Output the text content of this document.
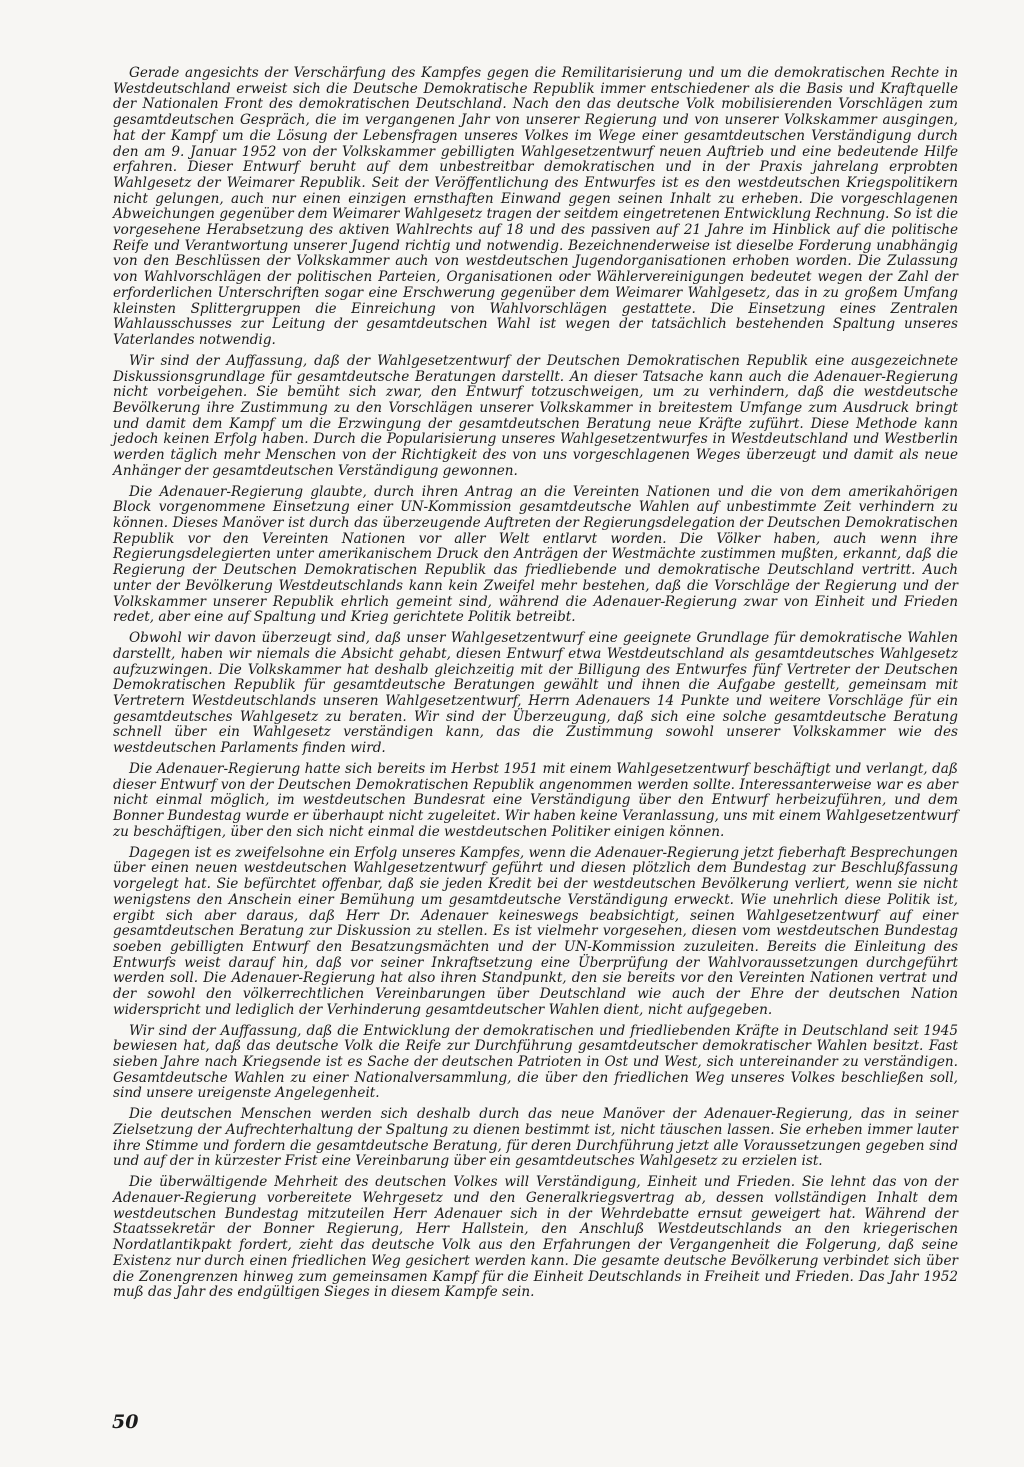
Gerade angesichts der Verschärfung des Kampfes gegen die Remilitarisierung und um die demokratischen Rechte in Westdeutschland erweist sich die Deutsche Demokratische Republik immer entschiedener als die Basis und Kraftquelle der Nationalen Front des demokratischen Deutschland. Nach den das deutsche Volk mobilisierenden Vorschlägen zum gesamtdeutschen Gespräch, die im vergangenen Jahr von unserer Regierung und von unserer Volkskammer ausgingen, hat der Kampf um die Lösung der Lebensfragen unseres Volkes im Wege einer gesamtdeutschen Verständigung durch den am 9. Januar 1952 von der Volkskammer gebilligten Wahlgesetzentwurf neuen Auftrieb und eine bedeutende Hilfe erfahren. Dieser Entwurf beruht auf dem unbestreitbar demokratischen und in der Praxis jahrelang erprobten Wahlgesetz der Weimarer Republik. Seit der Veröffentlichung des Entwurfes ist es den westdeutschen Kriegspolitikern nicht gelungen, auch nur einen einzigen ernsthaften Einwand gegen seinen Inhalt zu erheben. Die vorgeschlagenen Abweichungen gegenüber dem Weimarer Wahlgesetz tragen der seitdem eingetretenen Entwicklung Rechnung. So ist die vorgesehene Herabsetzung des aktiven Wahlrechts auf 18 und des passiven auf 21 Jahre im Hinblick auf die politische Reife und Verantwortung unserer Jugend richtig und notwendig. Bezeichnenderweise ist dieselbe Forderung unabhängig von den Beschlüssen der Volkskammer auch von westdeutschen Jugendorganisationen erhoben worden. Die Zulassung von Wahlvorschlägen der politischen Parteien, Organisationen oder Wählervereinigungen bedeutet wegen der Zahl der erforderlichen Unterschriften sogar eine Erschwerung gegenüber dem Weimarer Wahlgesetz, das in zu großem Umfang kleinsten Splittergruppen die Einreichung von Wahlvorschlägen gestattete. Die Einsetzung eines Zentralen Wahlausschusses zur Leitung der gesamtdeutschen Wahl ist wegen der tatsächlich bestehenden Spaltung unseres Vaterlandes notwendig.

Wir sind der Auffassung, daß der Wahlgesetzentwurf der Deutschen Demokratischen Republik eine ausgezeichnete Diskussionsgrundlage für gesamtdeutsche Beratungen darstellt. An dieser Tatsache kann auch die Adenauer-Regierung nicht vorbeigehen. Sie bemüht sich zwar, den Entwurf totzuschweigen, um zu verhindern, daß die westdeutsche Bevölkerung ihre Zustimmung zu den Vorschlägen unserer Volkskammer in breitestem Umfange zum Ausdruck bringt und damit dem Kampf um die Erzwingung der gesamtdeutschen Beratung neue Kräfte zuführt. Diese Methode kann jedoch keinen Erfolg haben. Durch die Popularisierung unseres Wahlgesetzentwurfes in Westdeutschland und Westberlin werden täglich mehr Menschen von der Richtigkeit des von uns vorgeschlagenen Weges überzeugt und damit als neue Anhänger der gesamtdeutschen Verständigung gewonnen.

Die Adenauer-Regierung glaubte, durch ihren Antrag an die Vereinten Nationen und die von dem amerikahörigen Block vorgenommene Einsetzung einer UN-Kommission gesamtdeutsche Wahlen auf unbestimmte Zeit verhindern zu können. Dieses Manöver ist durch das überzeugende Auftreten der Regierungsdelegation der Deutschen Demokratischen Republik vor den Vereinten Nationen vor aller Welt entlarvt worden. Die Völker haben, auch wenn ihre Regierungsdelegierten unter amerikanischem Druck den Anträgen der Westmächte zustimmen mußten, erkannt, daß die Regierung der Deutschen Demokratischen Republik das friedliebende und demokratische Deutschland vertritt. Auch unter der Bevölkerung Westdeutschlands kann kein Zweifel mehr bestehen, daß die Vorschläge der Regierung und der Volkskammer unserer Republik ehrlich gemeint sind, während die Adenauer-Regierung zwar von Einheit und Frieden redet, aber eine auf Spaltung und Krieg gerichtete Politik betreibt.

Obwohl wir davon überzeugt sind, daß unser Wahlgesetzentwurf eine geeignete Grundlage für demokratische Wahlen darstellt, haben wir niemals die Absicht gehabt, diesen Entwurf etwa Westdeutschland als gesamtdeutsches Wahlgesetz aufzuzwingen. Die Volkskammer hat deshalb gleichzeitig mit der Billigung des Entwurfes fünf Vertreter der Deutschen Demokratischen Republik für gesamtdeutsche Beratungen gewählt und ihnen die Aufgabe gestellt, gemeinsam mit Vertretern Westdeutschlands unseren Wahlgesetzentwurf, Herrn Adenauers 14 Punkte und weitere Vorschläge für ein gesamtdeutsches Wahlgesetz zu beraten. Wir sind der Überzeugung, daß sich eine solche gesamtdeutsche Beratung schnell über ein Wahlgesetz verständigen kann, das die Zustimmung sowohl unserer Volkskammer wie des westdeutschen Parlaments finden wird.

Die Adenauer-Regierung hatte sich bereits im Herbst 1951 mit einem Wahlgesetzentwurf beschäftigt und verlangt, daß dieser Entwurf von der Deutschen Demokratischen Republik angenommen werden sollte. Interessanterweise war es aber nicht einmal möglich, im westdeutschen Bundesrat eine Verständigung über den Entwurf herbeizuführen, und dem Bonner Bundestag wurde er überhaupt nicht zugeleitet. Wir haben keine Veranlassung, uns mit einem Wahlgesetzentwurf zu beschäftigen, über den sich nicht einmal die westdeutschen Politiker einigen können.

Dagegen ist es zweifelsohne ein Erfolg unseres Kampfes, wenn die Adenauer-Regierung jetzt fieberhaft Besprechungen über einen neuen westdeutschen Wahlgesetzentwurf geführt und diesen plötzlich dem Bundestag zur Beschlußfassung vorgelegt hat. Sie befürchtet offenbar, daß sie jeden Kredit bei der westdeutschen Bevölkerung verliert, wenn sie nicht wenigstens den Anschein einer Bemühung um gesamtdeutsche Verständigung erweckt. Wie unehrlich diese Politik ist, ergibt sich aber daraus, daß Herr Dr. Adenauer keineswegs beabsichtigt, seinen Wahlgesetzentwurf auf einer gesamtdeutschen Beratung zur Diskussion zu stellen. Es ist vielmehr vorgesehen, diesen vom westdeutschen Bundestag soeben gebilligten Entwurf den Besatzungsmächten und der UN-Kommission zuzuleiten. Bereits die Einleitung des Entwurfs weist darauf hin, daß vor seiner Inkraftsetzung eine Überprüfung der Wahlvoraussetzungen durchgeführt werden soll. Die Adenauer-Regierung hat also ihren Standpunkt, den sie bereits vor den Vereinten Nationen vertrat und der sowohl den völkerrechtlichen Vereinbarungen über Deutschland wie auch der Ehre der deutschen Nation widerspricht und lediglich der Verhinderung gesamtdeutscher Wahlen dient, nicht aufgegeben.

Wir sind der Auffassung, daß die Entwicklung der demokratischen und friedliebenden Kräfte in Deutschland seit 1945 bewiesen hat, daß das deutsche Volk die Reife zur Durchführung gesamtdeutscher demokratischer Wahlen besitzt. Fast sieben Jahre nach Kriegsende ist es Sache der deutschen Patrioten in Ost und West, sich untereinander zu verständigen. Gesamtdeutsche Wahlen zu einer Nationalversammlung, die über den friedlichen Weg unseres Volkes beschließen soll, sind unsere ureigenste Angelegenheit.

Die deutschen Menschen werden sich deshalb durch das neue Manöver der Adenauer-Regierung, das in seiner Zielsetzung der Aufrechterhaltung der Spaltung zu dienen bestimmt ist, nicht täuschen lassen. Sie erheben immer lauter ihre Stimme und fordern die gesamtdeutsche Beratung, für deren Durchführung jetzt alle Voraussetzungen gegeben sind und auf der in kürzester Frist eine Vereinbarung über ein gesamtdeutsches Wahlgesetz zu erzielen ist.

Die überwältigende Mehrheit des deutschen Volkes will Verständigung, Einheit und Frieden. Sie lehnt das von der Adenauer-Regierung vorbereitete Wehrgesetz und den Generalkriegsvertrag ab, dessen vollständigen Inhalt dem westdeutschen Bundestag mitzuteilen Herr Adenauer sich in der Wehrdebatte ernsut geweigert hat. Während der Staatssekretär der Bonner Regierung, Herr Hallstein, den Anschluß Westdeutschlands an den kriegerischen Nordatlantikpakt fordert, zieht das deutsche Volk aus den Erfahrungen der Vergangenheit die Folgerung, daß seine Existenz nur durch einen friedlichen Weg gesichert werden kann. Die gesamte deutsche Bevölkerung verbindet sich über die Zonengrenzen hinweg zum gemeinsamen Kampf für die Einheit Deutschlands in Freiheit und Frieden. Das Jahr 1952 muß das Jahr des endgültigen Sieges in diesem Kampfe sein.

50
